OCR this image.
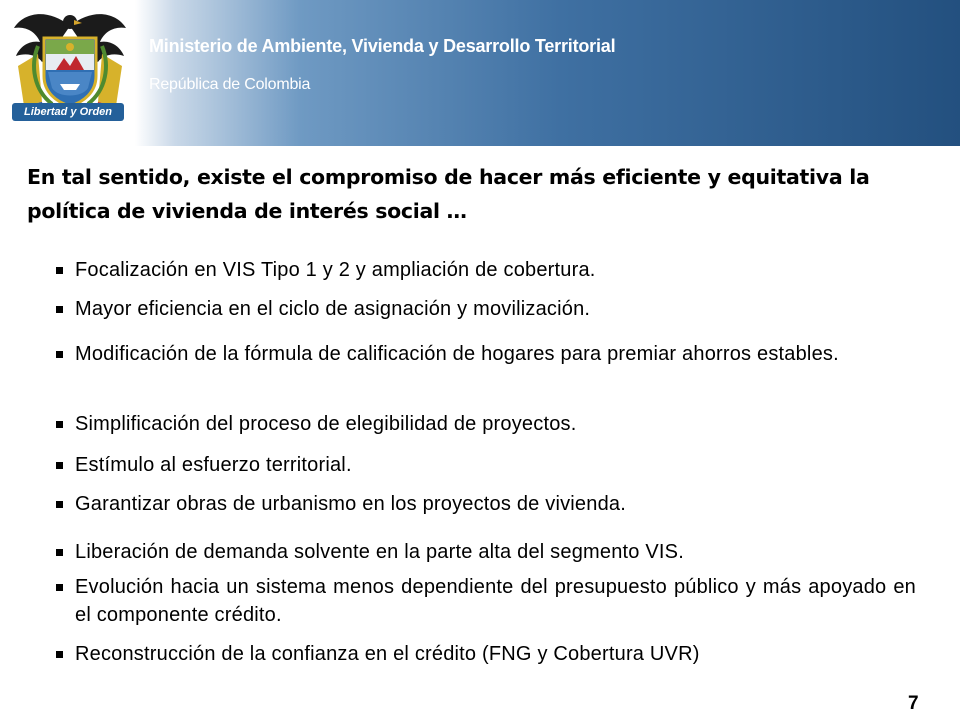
Libertad y Orden
Ministerio de Ambiente, Vivienda y Desarrollo Territorial
República de Colombia
En tal sentido, existe el compromiso de hacer más eficiente y equitativa la política de vivienda de interés social …
Focalización en VIS Tipo 1 y 2 y ampliación de cobertura.
Mayor eficiencia en el ciclo de asignación y movilización.
Modificación de la fórmula de calificación de hogares para premiar ahorros estables.
Simplificación del proceso de elegibilidad de proyectos.
Estímulo al esfuerzo territorial.
Garantizar obras de urbanismo en los proyectos de vivienda.
Liberación de demanda solvente en la parte alta del segmento VIS.
Evolución hacia un sistema menos dependiente del presupuesto público y más apoyado en el componente crédito.
Reconstrucción de la confianza en el crédito (FNG y Cobertura UVR)
7
